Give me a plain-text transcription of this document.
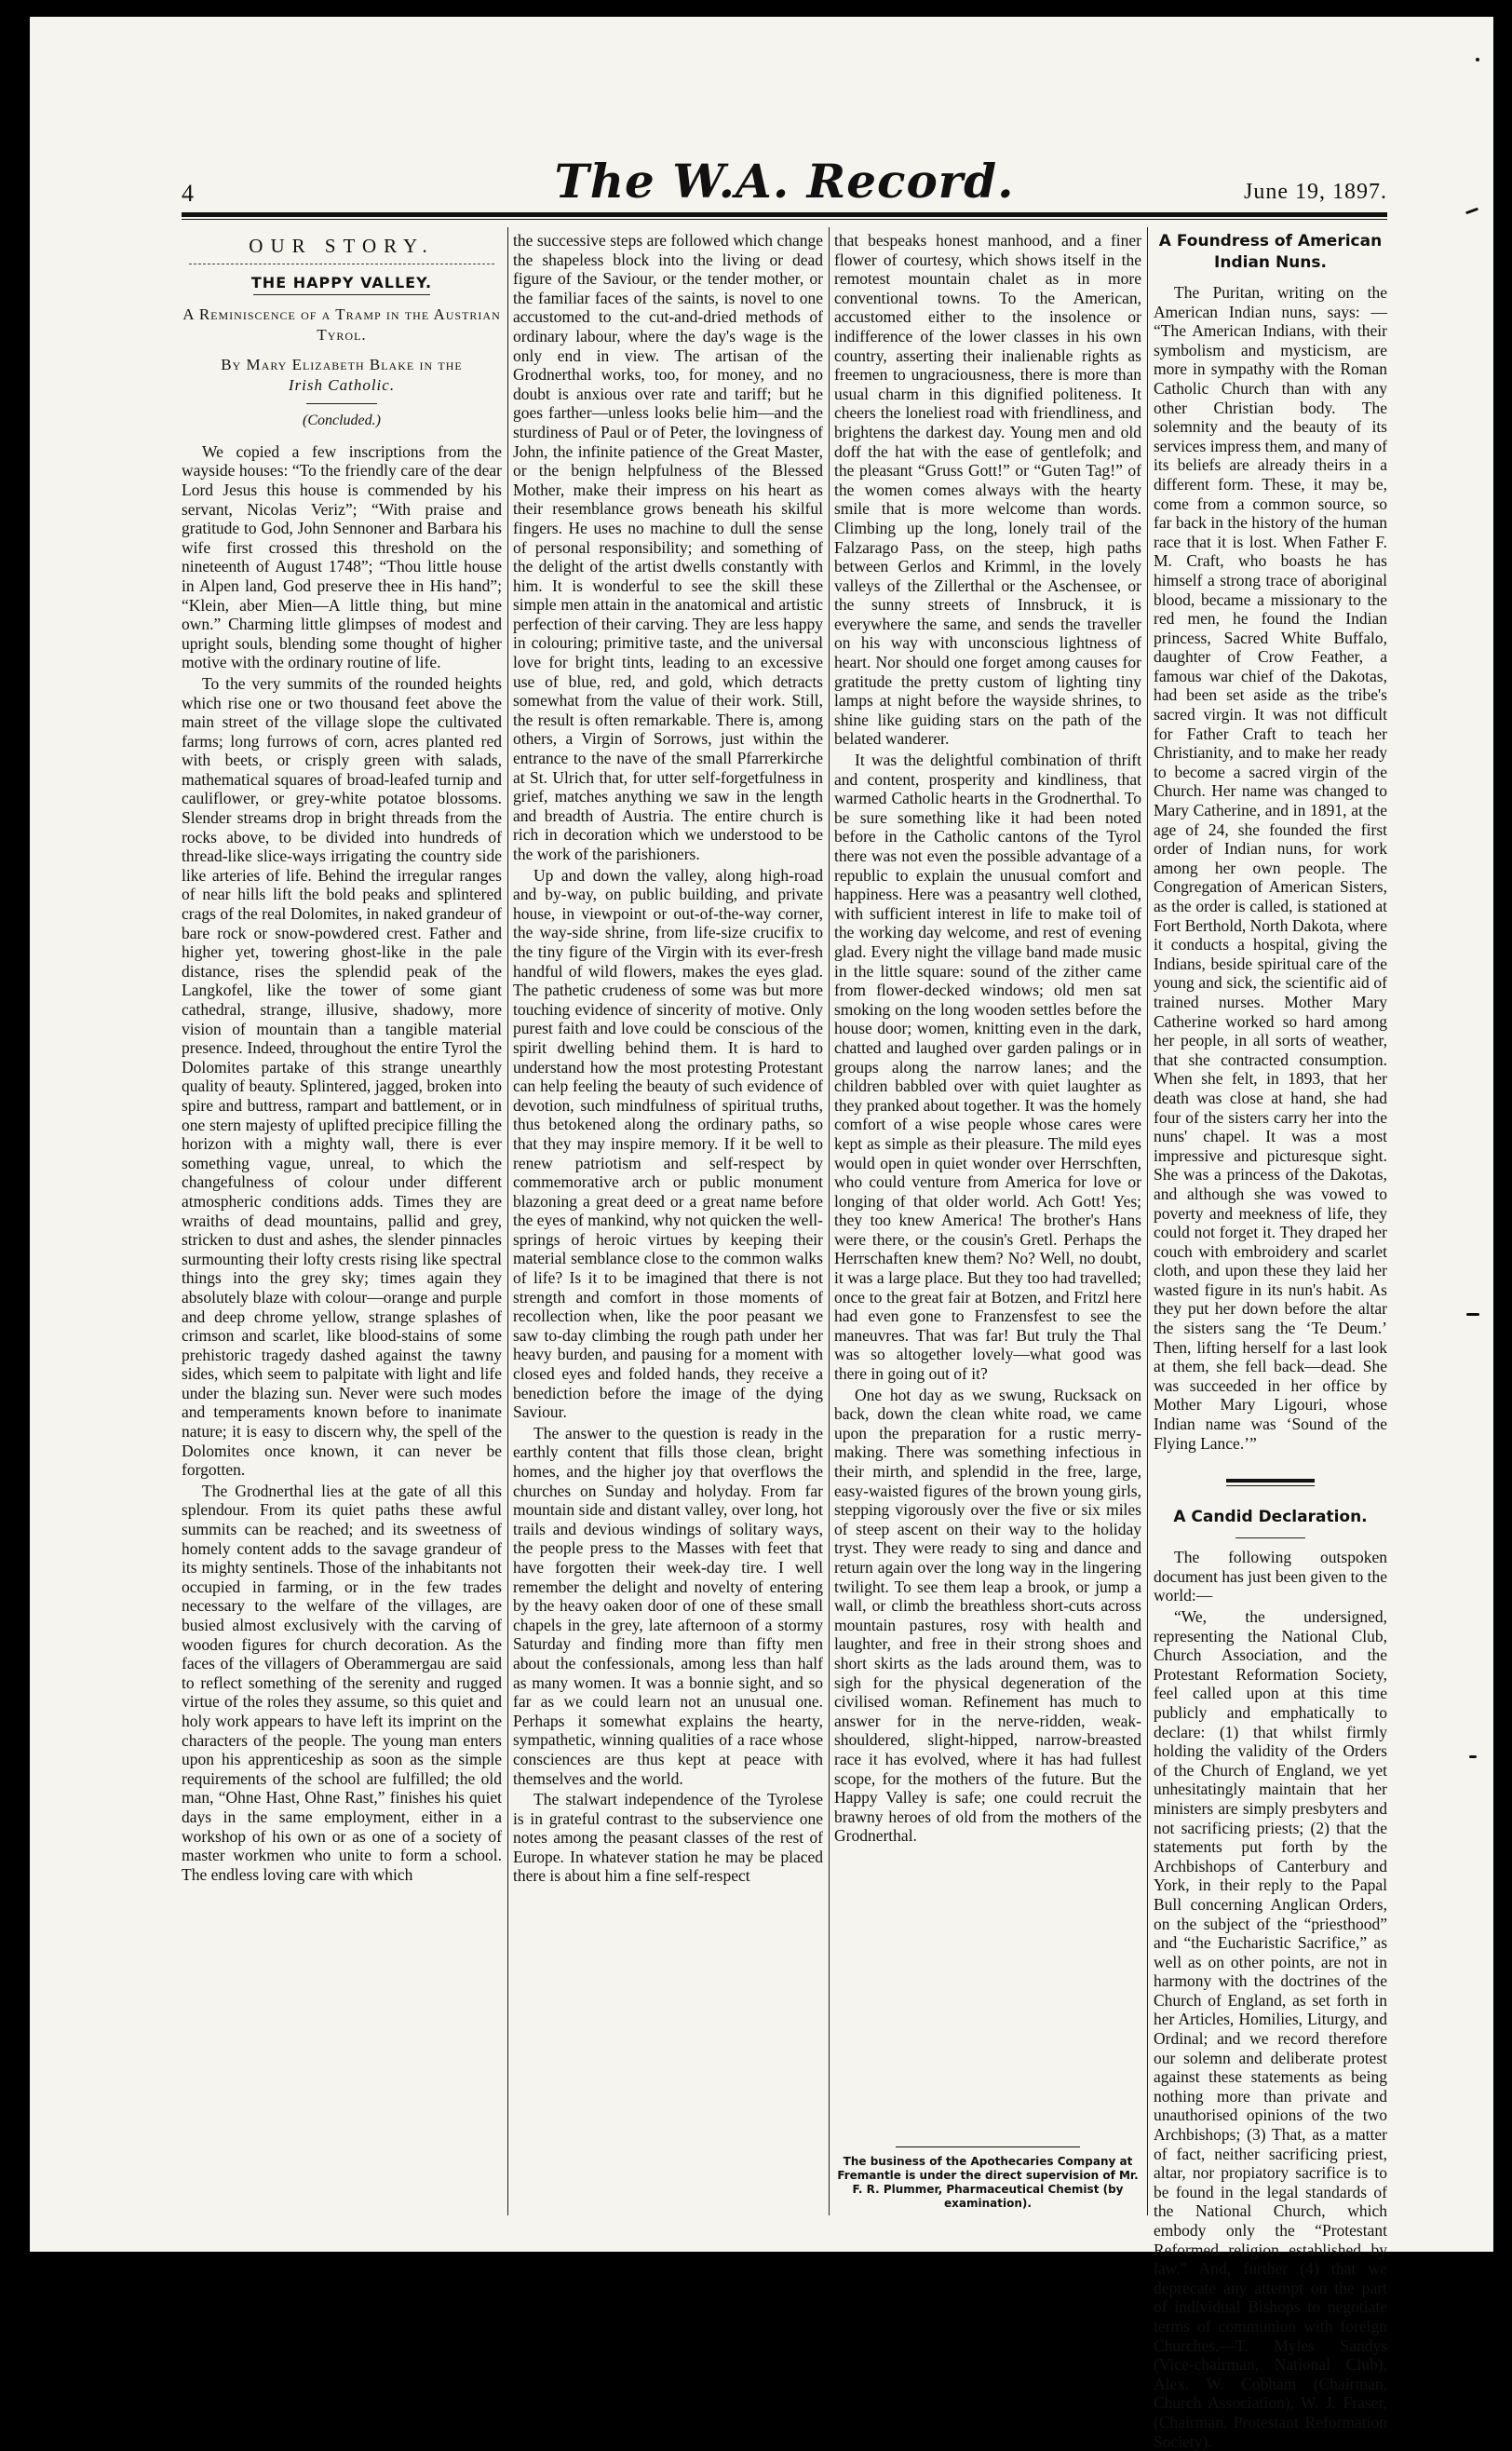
4	The W.A. Record.	June 19, 1897.
OUR STORY.
THE HAPPY VALLEY.
A Reminiscence of a Tramp in the Austrian Tyrol.
By Mary Elizabeth Blake in the
Irish Catholic.
(Concluded.)

We copied a few inscriptions from the wayside houses: “To the friendly care of the dear Lord Jesus this house is commended by his servant, Nicolas Veriz”; “With praise and gratitude to God, John Sennoner and Barbara his wife first crossed this threshold on the nineteenth of August 1748”; “Thou little house in Alpen land, God preserve thee in His hand”; “Klein, aber Mien—A little thing, but mine own.” Charming little glimpses of modest and upright souls, blending some thought of higher motive with the ordinary routine of life.

To the very summits of the rounded heights which rise one or two thousand feet above the main street of the village slope the cultivated farms; long furrows of corn, acres planted red with beets, or crisply green with salads, mathematical squares of broad-leafed turnip and cauliflower, or grey-white potatoe blossoms. Slender streams drop in bright threads from the rocks above, to be divided into hundreds of thread-like slice-ways irrigating the country side like arteries of life. Behind the irregular ranges of near hills lift the bold peaks and splintered crags of the real Dolomites, in naked grandeur of bare rock or snow-powdered crest. Father and higher yet, towering ghost-like in the pale distance, rises the splendid peak of the Langkofel, like the tower of some giant cathedral, strange, illusive, shadowy, more vision of mountain than a tangible material presence. Indeed, throughout the entire Tyrol the Dolomites partake of this strange unearthly quality of beauty. Splintered, jagged, broken into spire and buttress, rampart and battlement, or in one stern majesty of uplifted precipice filling the horizon with a mighty wall, there is ever something vague, unreal, to which the changefulness of colour under different atmospheric conditions adds. Times they are wraiths of dead mountains, pallid and grey, stricken to dust and ashes, the slender pinnacles surmounting their lofty crests rising like spectral things into the grey sky; times again they absolutely blaze with colour—orange and purple and deep chrome yellow, strange splashes of crimson and scarlet, like blood-stains of some prehistoric tragedy dashed against the tawny sides, which seem to palpitate with light and life under the blazing sun. Never were such modes and temperaments known before to inanimate nature; it is easy to discern why, the spell of the Dolomites once known, it can never be forgotten.

The Grodnerthal lies at the gate of all this splendour. From its quiet paths these awful summits can be reached; and its sweetness of homely content adds to the savage grandeur of its mighty sentinels. Those of the inhabitants not occupied in farming, or in the few trades necessary to the welfare of the villages, are busied almost exclusively with the carving of wooden figures for church decoration. As the faces of the villagers of Oberammergau are said to reflect something of the serenity and rugged virtue of the roles they assume, so this quiet and holy work appears to have left its imprint on the characters of the people. The young man enters upon his apprenticeship as soon as the simple requirements of the school are fulfilled; the old man, “Ohne Hast, Ohne Rast,” finishes his quiet days in the same employment, either in a workshop of his own or as one of a society of master workmen who unite to form a school. The endless loving care with which

the successive steps are followed which change the shapeless block into the living or dead figure of the Saviour, or the tender mother, or the familiar faces of the saints, is novel to one accustomed to the cut-and-dried methods of ordinary labour, where the day's wage is the only end in view. The artisan of the Grodnerthal works, too, for money, and no doubt is anxious over rate and tariff; but he goes farther—unless looks belie him—and the sturdiness of Paul or of Peter, the lovingness of John, the infinite patience of the Great Master, or the benign helpfulness of the Blessed Mother, make their impress on his heart as their resemblance grows beneath his skilful fingers. He uses no machine to dull the sense of personal responsibility; and something of the delight of the artist dwells constantly with him. It is wonderful to see the skill these simple men attain in the anatomical and artistic perfection of their carving. They are less happy in colouring; primitive taste, and the universal love for bright tints, leading to an excessive use of blue, red, and gold, which detracts somewhat from the value of their work. Still, the result is often remarkable. There is, among others, a Virgin of Sorrows, just within the entrance to the nave of the small Pfarrerkirche at St. Ulrich that, for utter self-forgetfulness in grief, matches anything we saw in the length and breadth of Austria. The entire church is rich in decoration which we understood to be the work of the parishioners.

Up and down the valley, along high-road and by-way, on public building, and private house, in viewpoint or out-of-the-way corner, the way-side shrine, from life-size crucifix to the tiny figure of the Virgin with its ever-fresh handful of wild flowers, makes the eyes glad. The pathetic crudeness of some was but more touching evidence of sincerity of motive. Only purest faith and love could be conscious of the spirit dwelling behind them. It is hard to understand how the most protesting Protestant can help feeling the beauty of such evidence of devotion, such mindfulness of spiritual truths, thus betokened along the ordinary paths, so that they may inspire memory. If it be well to renew patriotism and self-respect by commemorative arch or public monument blazoning a great deed or a great name before the eyes of mankind, why not quicken the well-springs of heroic virtues by keeping their material semblance close to the common walks of life? Is it to be imagined that there is not strength and comfort in those moments of recollection when, like the poor peasant we saw to-day climbing the rough path under her heavy burden, and pausing for a moment with closed eyes and folded hands, they receive a benediction before the image of the dying Saviour.

The answer to the question is ready in the earthly content that fills those clean, bright homes, and the higher joy that overflows the churches on Sunday and holyday. From far mountain side and distant valley, over long, hot trails and devious windings of solitary ways, the people press to the Masses with feet that have forgotten their week-day tire. I well remember the delight and novelty of entering by the heavy oaken door of one of these small chapels in the grey, late afternoon of a stormy Saturday and finding more than fifty men about the confessionals, among less than half as many women. It was a bonnie sight, and so far as we could learn not an unusual one. Perhaps it somewhat explains the hearty, sympathetic, winning qualities of a race whose consciences are thus kept at peace with themselves and the world.

The stalwart independence of the Tyrolese is in grateful contrast to the subservience one notes among the peasant classes of the rest of Europe. In whatever station he may be placed there is about him a fine self-respect

that bespeaks honest manhood, and a finer flower of courtesy, which shows itself in the remotest mountain chalet as in more conventional towns. To the American, accustomed either to the insolence or indifference of the lower classes in his own country, asserting their inalienable rights as freemen to ungraciousness, there is more than usual charm in this dignified politeness. It cheers the loneliest road with friendliness, and brightens the darkest day. Young men and old doff the hat with the ease of gentlefolk; and the pleasant “Gruss Gott!” or “Guten Tag!” of the women comes always with the hearty smile that is more welcome than words. Climbing up the long, lonely trail of the Falzarago Pass, on the steep, high paths between Gerlos and Krimml, in the lovely valleys of the Zillerthal or the Aschensee, or the sunny streets of Innsbruck, it is everywhere the same, and sends the traveller on his way with unconscious lightness of heart. Nor should one forget among causes for gratitude the pretty custom of lighting tiny lamps at night before the wayside shrines, to shine like guiding stars on the path of the belated wanderer.

It was the delightful combination of thrift and content, prosperity and kindliness, that warmed Catholic hearts in the Grodnerthal. To be sure something like it had been noted before in the Catholic cantons of the Tyrol there was not even the possible advantage of a republic to explain the unusual comfort and happiness. Here was a peasantry well clothed, with sufficient interest in life to make toil of the working day welcome, and rest of evening glad. Every night the village band made music in the little square: sound of the zither came from flower-decked windows; old men sat smoking on the long wooden settles before the house door; women, knitting even in the dark, chatted and laughed over garden palings or in groups along the narrow lanes; and the children babbled over with quiet laughter as they pranked about together. It was the homely comfort of a wise people whose cares were kept as simple as their pleasure. The mild eyes would open in quiet wonder over Herrschften, who could venture from America for love or longing of that older world. Ach Gott! Yes; they too knew America! The brother's Hans were there, or the cousin's Gretl. Perhaps the Herrschaften knew them? No? Well, no doubt, it was a large place. But they too had travelled; once to the great fair at Botzen, and Fritzl here had even gone to Franzensfest to see the maneuvres. That was far! But truly the Thal was so altogether lovely—what good was there in going out of it?

One hot day as we swung, Rucksack on back, down the clean white road, we came upon the preparation for a rustic merry-making. There was something infectious in their mirth, and splendid in the free, large, easy-waisted figures of the brown young girls, stepping vigorously over the five or six miles of steep ascent on their way to the holiday tryst. They were ready to sing and dance and return again over the long way in the lingering twilight. To see them leap a brook, or jump a wall, or climb the breathless short-cuts across mountain pastures, rosy with health and laughter, and free in their strong shoes and short skirts as the lads around them, was to sigh for the physical degeneration of the civilised woman. Refinement has much to answer for in the nerve-ridden, weak-shouldered, slight-hipped, narrow-breasted race it has evolved, where it has had fullest scope, for the mothers of the future. But the Happy Valley is safe; one could recruit the brawny heroes of old from the mothers of the Grodnerthal.

The business of the Apothecaries Company at Fremantle is under the direct supervision of Mr. F. R. Plummer, Pharmaceutical Chemist (by examination).
A Foundress of American Indian Nuns.

The Puritan, writing on the American Indian nuns, says: — “The American Indians, with their symbolism and mysticism, are more in sympathy with the Roman Catholic Church than with any other Christian body. The solemnity and the beauty of its services impress them, and many of its beliefs are already theirs in a different form. These, it may be, come from a common source, so far back in the history of the human race that it is lost. When Father F. M. Craft, who boasts he has himself a strong trace of aboriginal blood, became a missionary to the red men, he found the Indian princess, Sacred White Buffalo, daughter of Crow Feather, a famous war chief of the Dakotas, had been set aside as the tribe's sacred virgin. It was not difficult for Father Craft to teach her Christianity, and to make her ready to become a sacred virgin of the Church. Her name was changed to Mary Catherine, and in 1891, at the age of 24, she founded the first order of Indian nuns, for work among her own people. The Congregation of American Sisters, as the order is called, is stationed at Fort Berthold, North Dakota, where it conducts a hospital, giving the Indians, beside spiritual care of the young and sick, the scientific aid of trained nurses. Mother Mary Catherine worked so hard among her people, in all sorts of weather, that she contracted consumption. When she felt, in 1893, that her death was close at hand, she had four of the sisters carry her into the nuns' chapel. It was a most impressive and picturesque sight. She was a princess of the Dakotas, and although she was vowed to poverty and meekness of life, they could not forget it. They draped her couch with embroidery and scarlet cloth, and upon these they laid her wasted figure in its nun's habit. As they put her down before the altar the sisters sang the ‘Te Deum.’ Then, lifting herself for a last look at them, she fell back—dead. She was succeeded in her office by Mother Mary Ligouri, whose Indian name was ‘Sound of the Flying Lance.’”

A Candid Declaration.

The following outspoken document has just been given to the world:—

“We, the undersigned, representing the National Club, Church Association, and the Protestant Reformation Society, feel called upon at this time publicly and emphatically to declare: (1) that whilst firmly holding the validity of the Orders of the Church of England, we yet unhesitatingly maintain that her ministers are simply presbyters and not sacrificing priests; (2) that the statements put forth by the Archbishops of Canterbury and York, in their reply to the Papal Bull concerning Anglican Orders, on the subject of the “priesthood” and “the Eucharistic Sacrifice,” as well as on other points, are not in harmony with the doctrines of the Church of England, as set forth in her Articles, Homilies, Liturgy, and Ordinal; and we record therefore our solemn and deliberate protest against these statements as being nothing more than private and unauthorised opinions of the two Archbishops; (3) That, as a matter of fact, neither sacrificing priest, altar, nor propiatory sacrifice is to be found in the legal standards of the National Church, which embody only the “Protestant Reformed religion established by law.” And, further (4) that we deprecate any attempt on the part of individual Bishops to negotiate terms of communion with foreign Churches.—T. Myles Sandys (Vice-chairman, National Club), Alex. W. Cobham (Chairman, Church Association), W. J. Fraser, (Chairman, Protestant Reformation Society).
